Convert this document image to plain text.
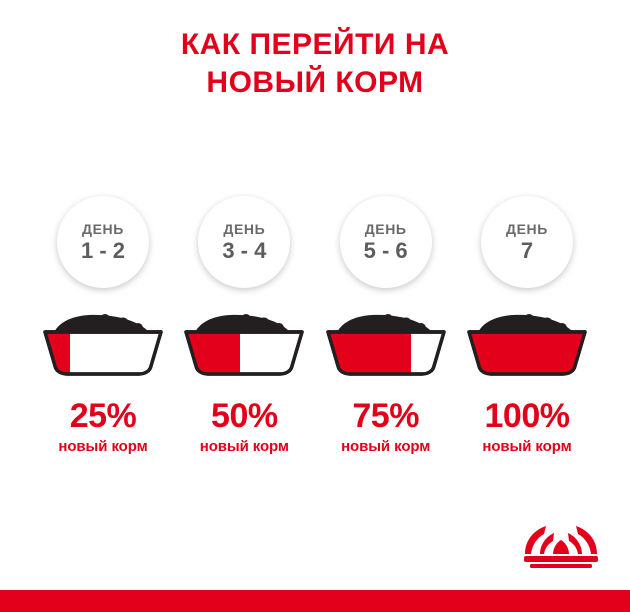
КАК ПЕРЕЙТИ НА
НОВЫЙ КОРМ
ДЕНЬ
1 - 2
25%
новый корм
ДЕНЬ
3 - 4
50%
новый корм
ДЕНЬ
5 - 6
75%
новый корм
ДЕНЬ
7
100%
новый корм
